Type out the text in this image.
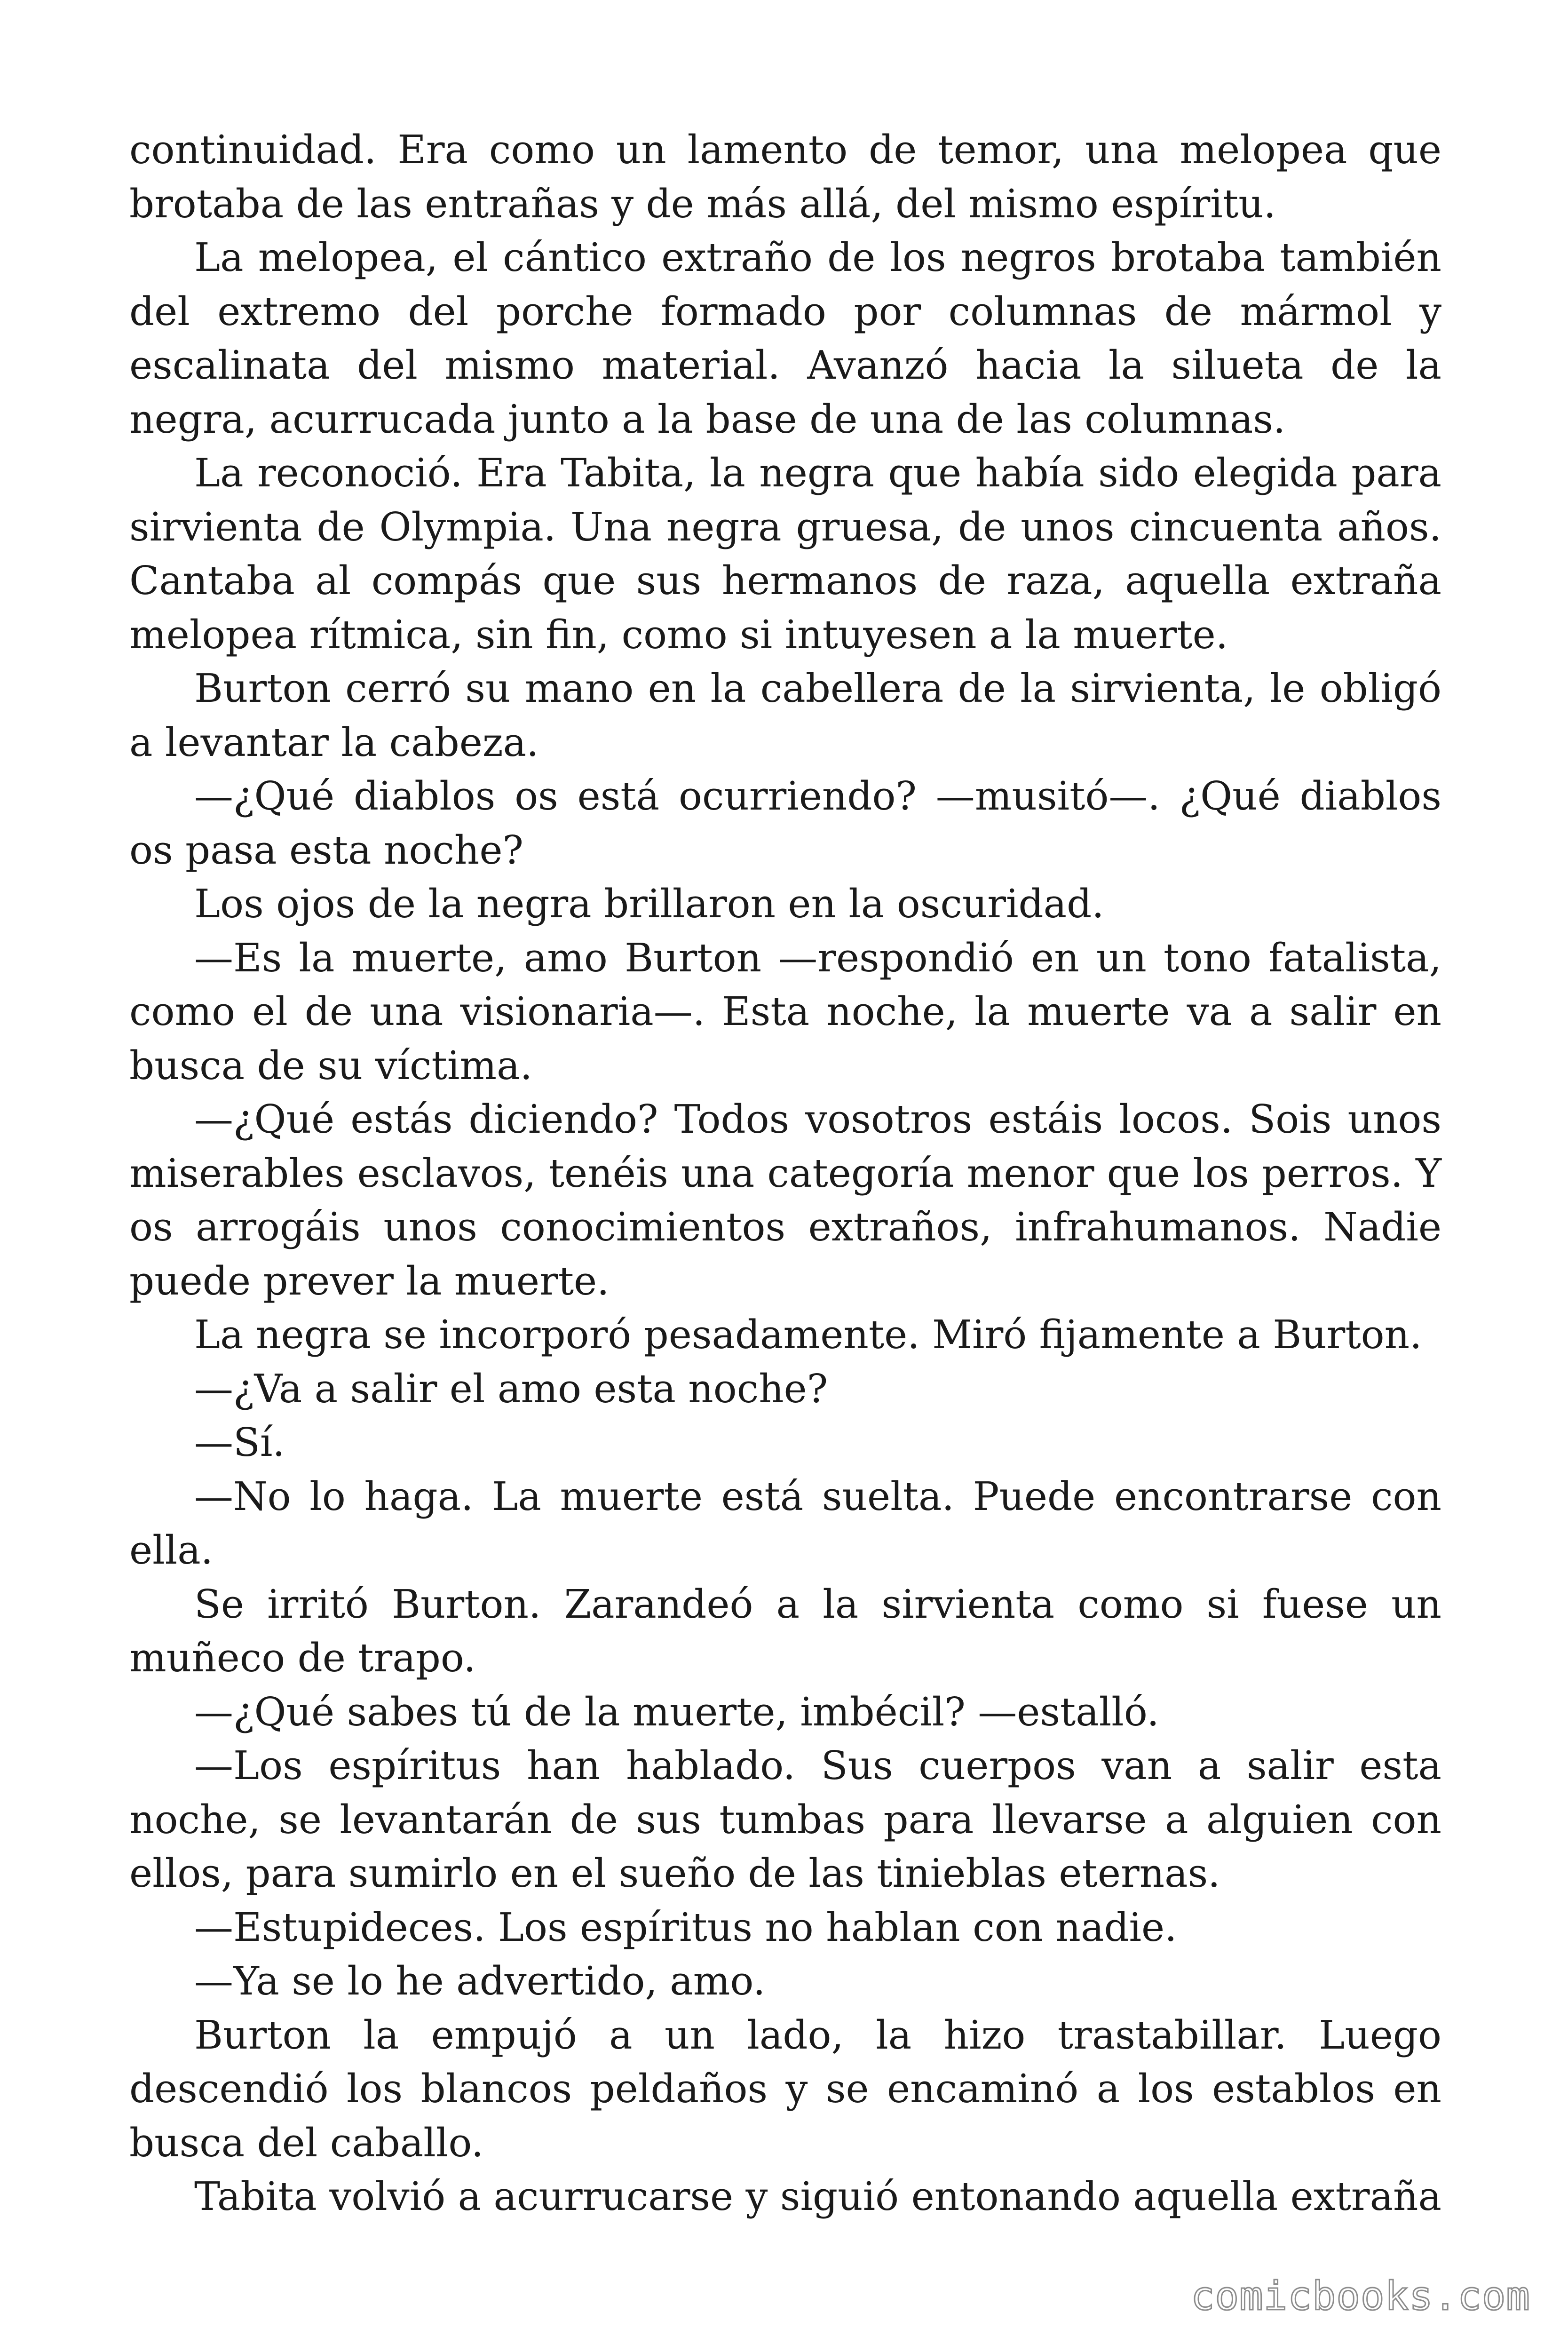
continuidad. Era como un lamento de temor, una melopea que brotaba de las entrañas y de más allá, del mismo espíritu.

La melopea, el cántico extraño de los negros brotaba también del extremo del porche formado por columnas de mármol y escalinata del mismo material. Avanzó hacia la silueta de la negra, acurrucada junto a la base de una de las columnas.

La reconoció. Era Tabita, la negra que había sido elegida para sirvienta de Olympia. Una negra gruesa, de unos cincuenta años. Cantaba al compás que sus hermanos de raza, aquella extraña melopea rítmica, sin fin, como si intuyesen a la muerte.

Burton cerró su mano en la cabellera de la sirvienta, le obligó a levantar la cabeza.

—¿Qué diablos os está ocurriendo? —musitó—. ¿Qué diablos os pasa esta noche?

Los ojos de la negra brillaron en la oscuridad.

—Es la muerte, amo Burton —respondió en un tono fatalista, como el de una visionaria—. Esta noche, la muerte va a salir en busca de su víctima.

—¿Qué estás diciendo? Todos vosotros estáis locos. Sois unos miserables esclavos, tenéis una categoría menor que los perros. Y os arrogáis unos conocimientos extraños, infrahumanos. Nadie puede prever la muerte.

La negra se incorporó pesadamente. Miró fijamente a Burton.

—¿Va a salir el amo esta noche?

—Sí.

—No lo haga. La muerte está suelta. Puede encontrarse con ella.

Se irritó Burton. Zarandeó a la sirvienta como si fuese un muñeco de trapo.

—¿Qué sabes tú de la muerte, imbécil? —estalló.

—Los espíritus han hablado. Sus cuerpos van a salir esta noche, se levantarán de sus tumbas para llevarse a alguien con ellos, para sumirlo en el sueño de las tinieblas eternas.

—Estupideces. Los espíritus no hablan con nadie.

—Ya se lo he advertido, amo.

Burton la empujó a un lado, la hizo trastabillar. Luego descendió los blancos peldaños y se encaminó a los establos en busca del caballo.

Tabita volvió a acurrucarse y siguió entonando aquella extraña

comicbooks.com
